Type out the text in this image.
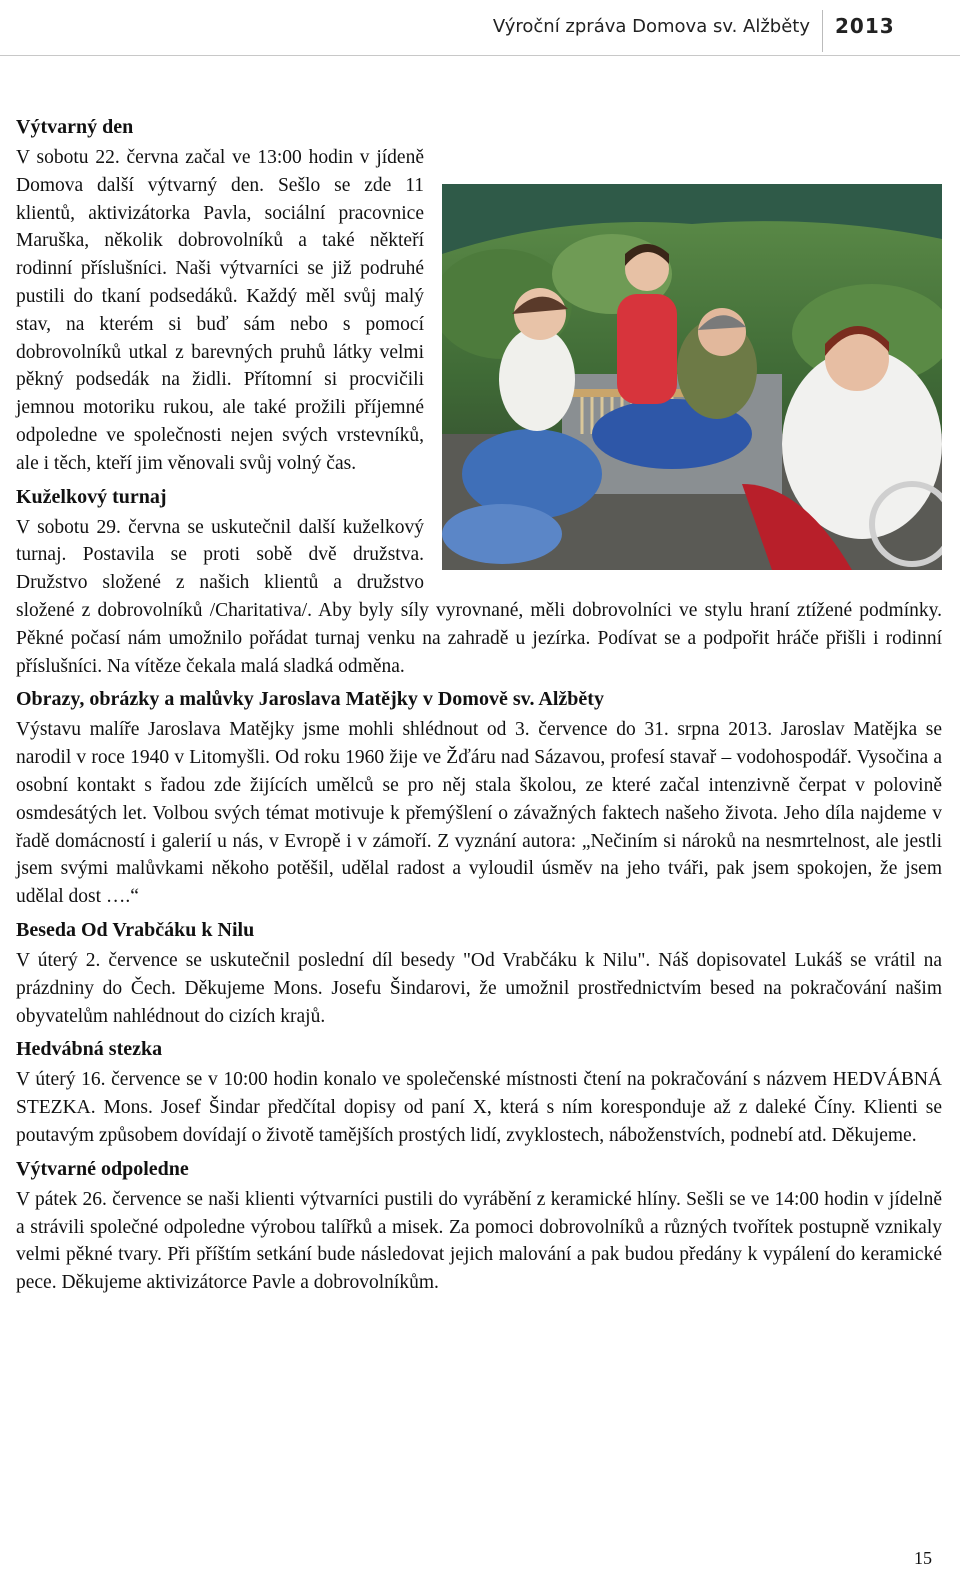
Výroční zpráva Domova sv. Alžběty 2013
Výtvarný den

V sobotu 22. června začal ve 13:00 hodin v jídeně Domova další výtvarný den. Sešlo se zde 11 klientů, aktivizátorka Pavla, sociální pracovnice Maruška, několik dobrovolníků a také někteří rodinní příslušníci. Naši výtvarníci se již podruhé pustili do tkaní podsedáků. Každý měl svůj malý stav, na kterém si buď sám nebo s pomocí dobrovolníků utkal z barevných pruhů látky velmi pěkný podsedák na židli. Přítomní si procvičili jemnou motoriku rukou, ale také prožili příjemné odpoledne ve společnosti nejen svých vrstevníků, ale i těch, kteří jim věnovali svůj volný čas.

Kuželkový turnaj

V sobotu 29. června se uskutečnil další kuželkový turnaj. Postavila se proti sobě dvě družstva. Družstvo složené z našich klientů a družstvo složené z dobrovolníků /Charitativa/. Aby byly síly vyrovnané, měli dobrovolníci ve stylu hraní ztížené podmínky. Pěkné počasí nám umožnilo pořádat turnaj venku na zahradě u jezírka. Podívat se a podpořit hráče přišli i rodinní příslušníci. Na vítěze čekala malá sladká odměna.

Obrazy, obrázky a malůvky Jaroslava Matějky v Domově sv. Alžběty

Výstavu malíře Jaroslava Matějky jsme mohli shlédnout od 3. července do 31. srpna 2013. Jaroslav Matějka se narodil v roce 1940 v Litomyšli. Od roku 1960 žije ve Žďáru nad Sázavou, profesí stavař – vodohospodář. Vysočina a osobní kontakt s řadou zde žijících umělců se pro něj stala školou, ze které začal intenzivně čerpat v polovině osmdesátých let. Volbou svých témat motivuje k přemýšlení o závažných faktech našeho života. Jeho díla najdeme v řadě domácností i galerií u nás, v Evropě i v zámoří. Z vyznání autora: „Nečiním si nároků na nesmrtelnost, ale jestli jsem svými malůvkami někoho potěšil, udělal radost a vyloudil úsměv na jeho tváři, pak jsem spokojen, že jsem udělal dost ….“

Beseda Od Vrabčáku k Nilu

V úterý 2. července se uskutečnil poslední díl besedy "Od Vrabčáku k Nilu". Náš dopisovatel Lukáš se vrátil na prázdniny do Čech. Děkujeme Mons. Josefu Šindarovi, že umožnil prostřednictvím besed na pokračování našim obyvatelům nahlédnout do cizích krajů.

Hedvábná stezka

V úterý 16. července se v 10:00 hodin konalo ve společenské místnosti čtení na pokračování s názvem HEDVÁBNÁ STEZKA. Mons. Josef Šindar předčítal dopisy od paní X, která s ním koresponduje až z daleké Číny. Klienti se poutavým způsobem dovídají o životě tamějších prostých lidí, zvyklostech, náboženstvích, podnebí atd. Děkujeme.

Výtvarné odpoledne

V pátek 26. července se naši klienti výtvarníci pustili do vyrábění z keramické hlíny. Sešli se ve 14:00 hodin v jídelně a strávili společné odpoledne výrobou talířků a misek. Za pomoci dobrovolníků a různých tvořítek postupně vznikaly velmi pěkné tvary. Při příštím setkání bude následovat jejich malování a pak budou předány k vypálení do keramické pece. Děkujeme aktivizátorce Pavle a dobrovolníkům.

15
